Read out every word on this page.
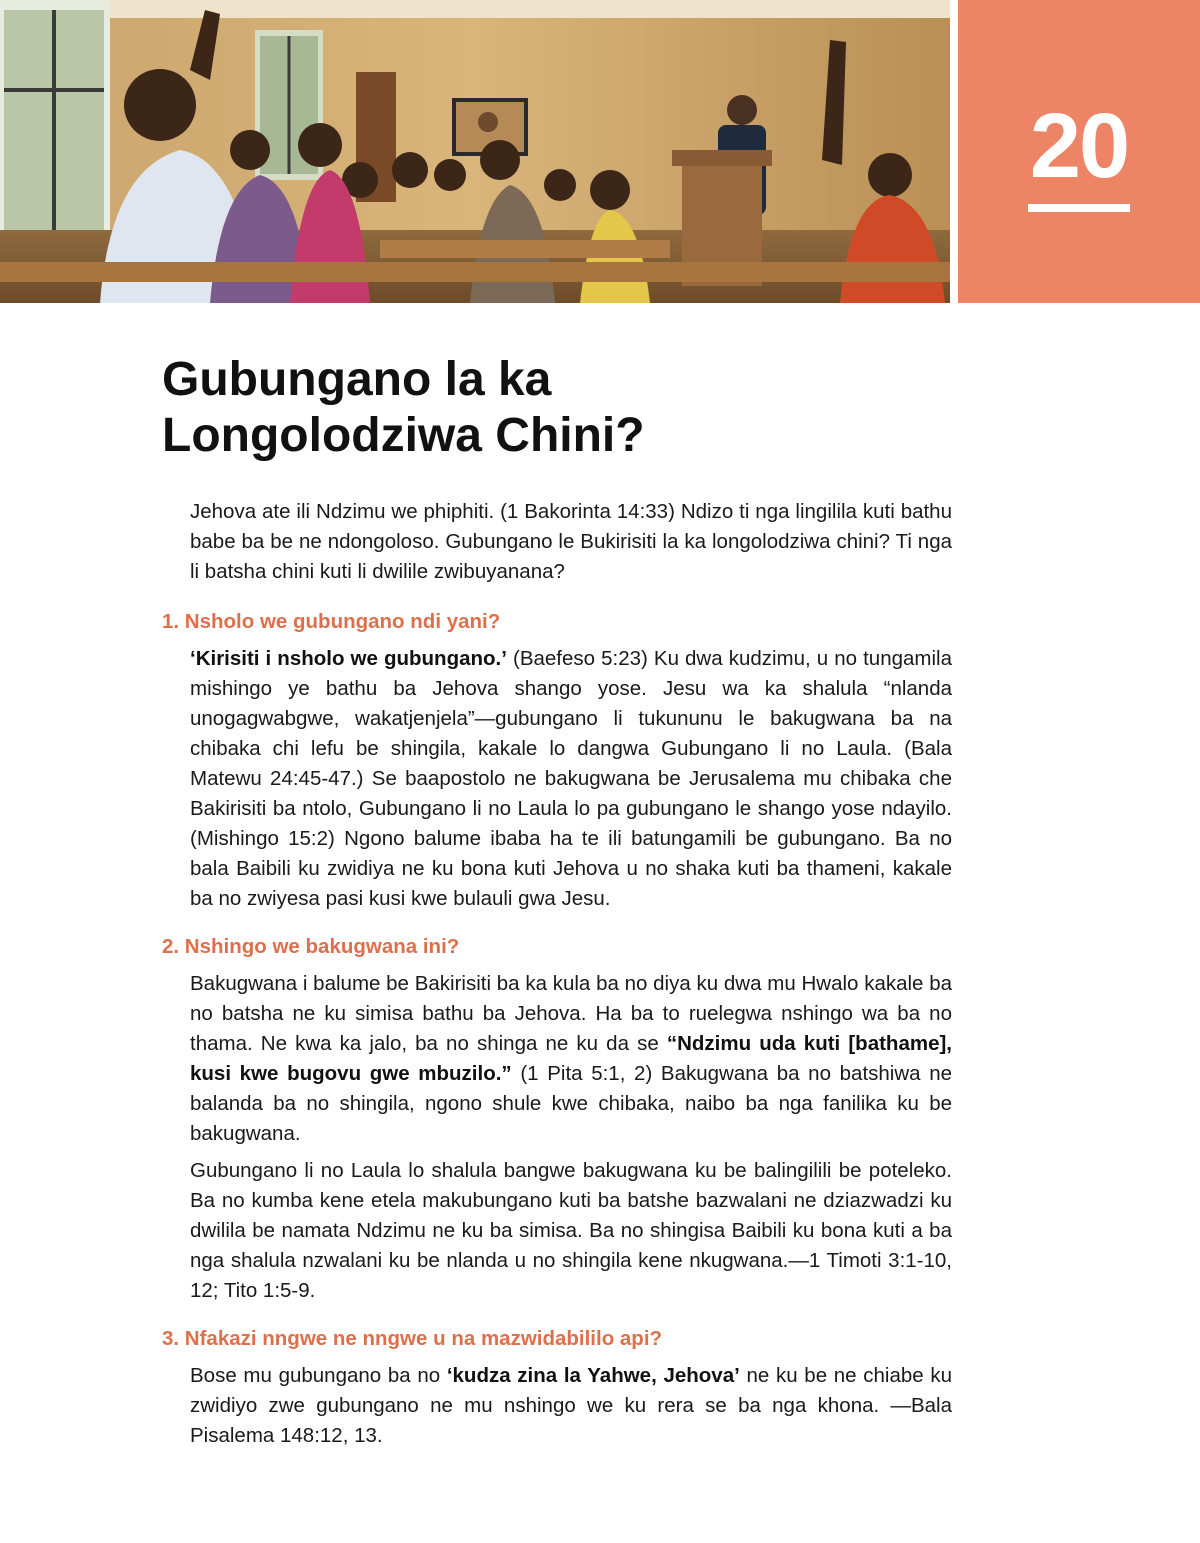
20
Gubungano la ka
Longolodziwa Chini?

Jehova ate ili Ndzimu we phiphiti. (1 Bakorinta 14:33) Ndizo ti nga lingilila kuti bathu babe ba be ne ndongoloso. Gubungano le Bukirisiti la ka longolodziwa chini? Ti nga li batsha chini kuti li dwilile zwibuyanana?

1. Nsholo we gubungano ndi yani?

‘Kirisiti i nsholo we gubungano.’ (Baefeso 5:23) Ku dwa kudzimu, u no tungamila mishingo ye bathu ba Jehova shango yose. Jesu wa ka shalula “nlanda unogagwabgwe, wakatjenjela”—gubungano li tukununu le bakugwana ba na chibaka chi lefu be shingila, kakale lo dangwa Gubungano li no Laula. (Bala Matewu 24:45-47.) Se baapostolo ne bakugwana be Jerusalema mu chibaka che Bakirisiti ba ntolo, Gubungano li no Laula lo pa gubungano le shango yose ndayilo. (Mishingo 15:2) Ngono balume ibaba ha te ili batungamili be gubungano. Ba no bala Baibili ku zwidiya ne ku bona kuti Jehova u no shaka kuti ba thameni, kakale ba no zwiyesa pasi kusi kwe bulauli gwa Jesu.

2. Nshingo we bakugwana ini?

Bakugwana i balume be Bakirisiti ba ka kula ba no diya ku dwa mu Hwalo kakale ba no batsha ne ku simisa bathu ba Jehova. Ha ba to ruelegwa nshingo wa ba no thama. Ne kwa ka jalo, ba no shinga ne ku da se “Ndzimu uda kuti [bathame], kusi kwe bugovu gwe mbuzilo.” (1 Pita 5:1, 2) Bakugwana ba no batshiwa ne balanda ba no shingila, ngono shule kwe chibaka, naibo ba nga fanilika ku be bakugwana.

Gubungano li no Laula lo shalula bangwe bakugwana ku be balingilili be poteleko. Ba no kumba kene etela makubungano kuti ba batshe bazwalani ne dziazwadzi ku dwilila be namata Ndzimu ne ku ba simisa. Ba no shingisa Baibili ku bona kuti a ba nga shalula nzwalani ku be nlanda u no shingila kene nkugwana.—1 Timoti 3:1-10, 12; Tito 1:5-9.

3. Nfakazi nngwe ne nngwe u na mazwidabililo api?

Bose mu gubungano ba no ‘kudza zina la Yahwe, Jehova’ ne ku be ne chiabe ku zwidiyo zwe gubungano ne mu nshingo we ku rera se ba nga khona. —Bala Pisalema 148:12, 13.
